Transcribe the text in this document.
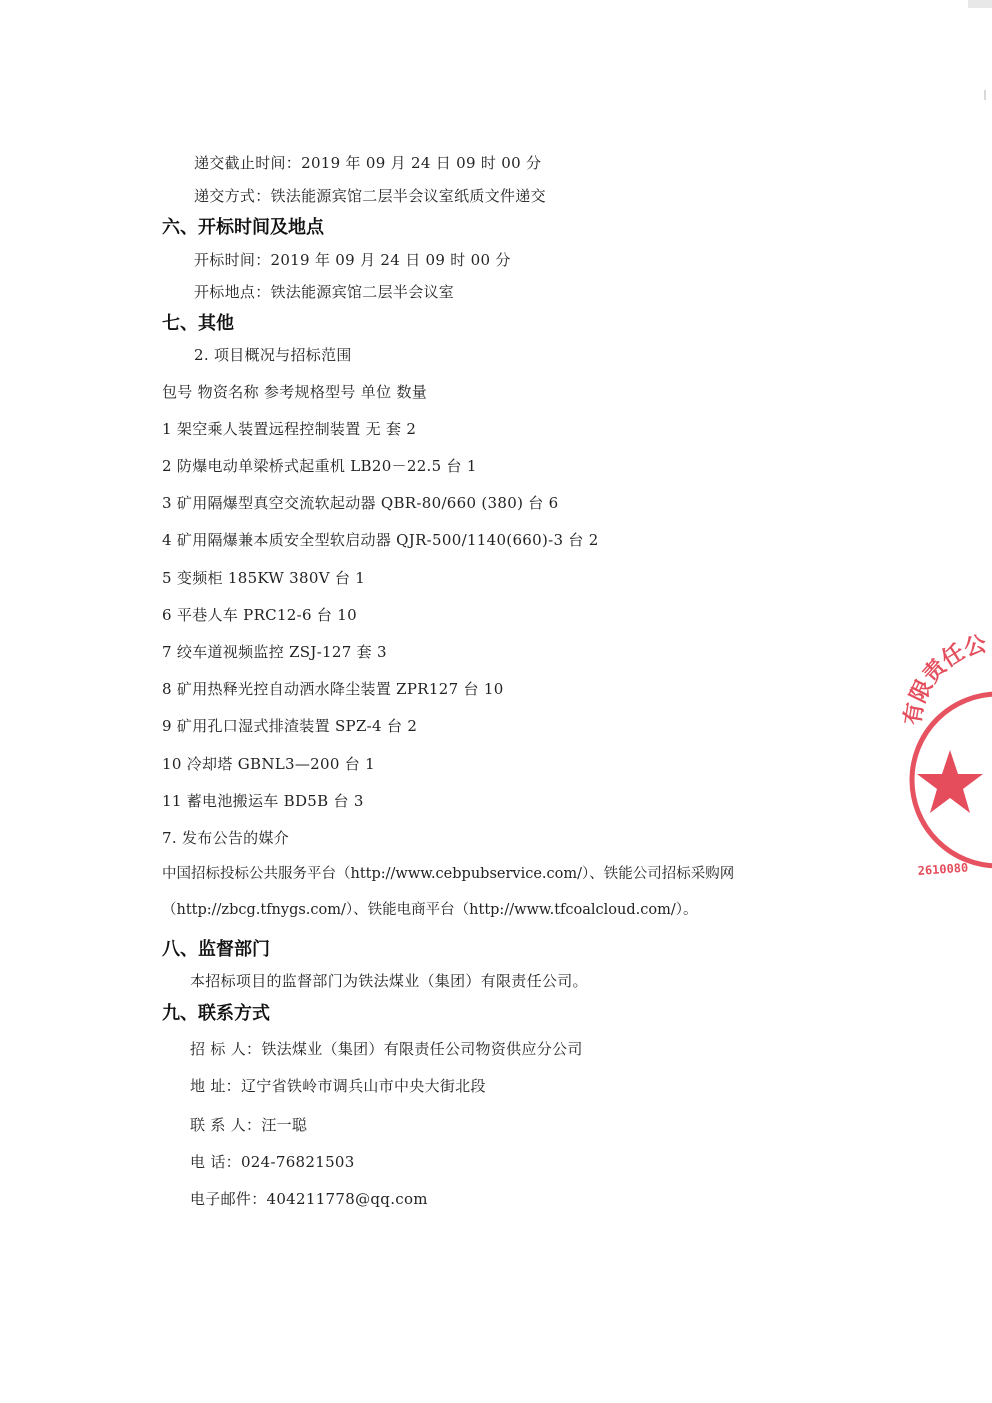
递交截止时间：2019 年 09 月 24 日 09 时 00 分
递交方式：铁法能源宾馆二层半会议室纸质文件递交
六、开标时间及地点
开标时间：2019 年 09 月 24 日 09 时 00 分
开标地点：铁法能源宾馆二层半会议室
七、其他
2. 项目概况与招标范围
包号 物资名称 参考规格型号 单位 数量
1 架空乘人装置远程控制装置 无 套 2
2 防爆电动单梁桥式起重机 LB20－22.5 台 1
3 矿用隔爆型真空交流软起动器 QBR-80/660 (380) 台 6
4 矿用隔爆兼本质安全型软启动器 QJR-500/1140(660)-3 台 2
5 变频柜 185KW 380V 台 1
6 平巷人车 PRC12-6 台 10
7 绞车道视频监控 ZSJ-127 套 3
8 矿用热释光控自动洒水降尘装置 ZPR127 台 10
9 矿用孔口湿式排渣装置 SPZ-4 台 2
10 冷却塔 GBNL3—200 台 1
11 蓄电池搬运车 BD5B 台 3
7. 发布公告的媒介
中国招标投标公共服务平台（http://www.cebpubservice.com/）、铁能公司招标采购网
（http://zbcg.tfnygs.com/）、铁能电商平台（http://www.tfcoalcloud.com/）。
八、监督部门
本招标项目的监督部门为铁法煤业（集团）有限责任公司。
九、联系方式
招 标 人：铁法煤业（集团）有限责任公司物资供应分公司
地 址：辽宁省铁岭市调兵山市中央大街北段
联 系 人：汪一聪
电 话：024-76821503
电子邮件：404211778@qq.com
有限责任公
2610080
